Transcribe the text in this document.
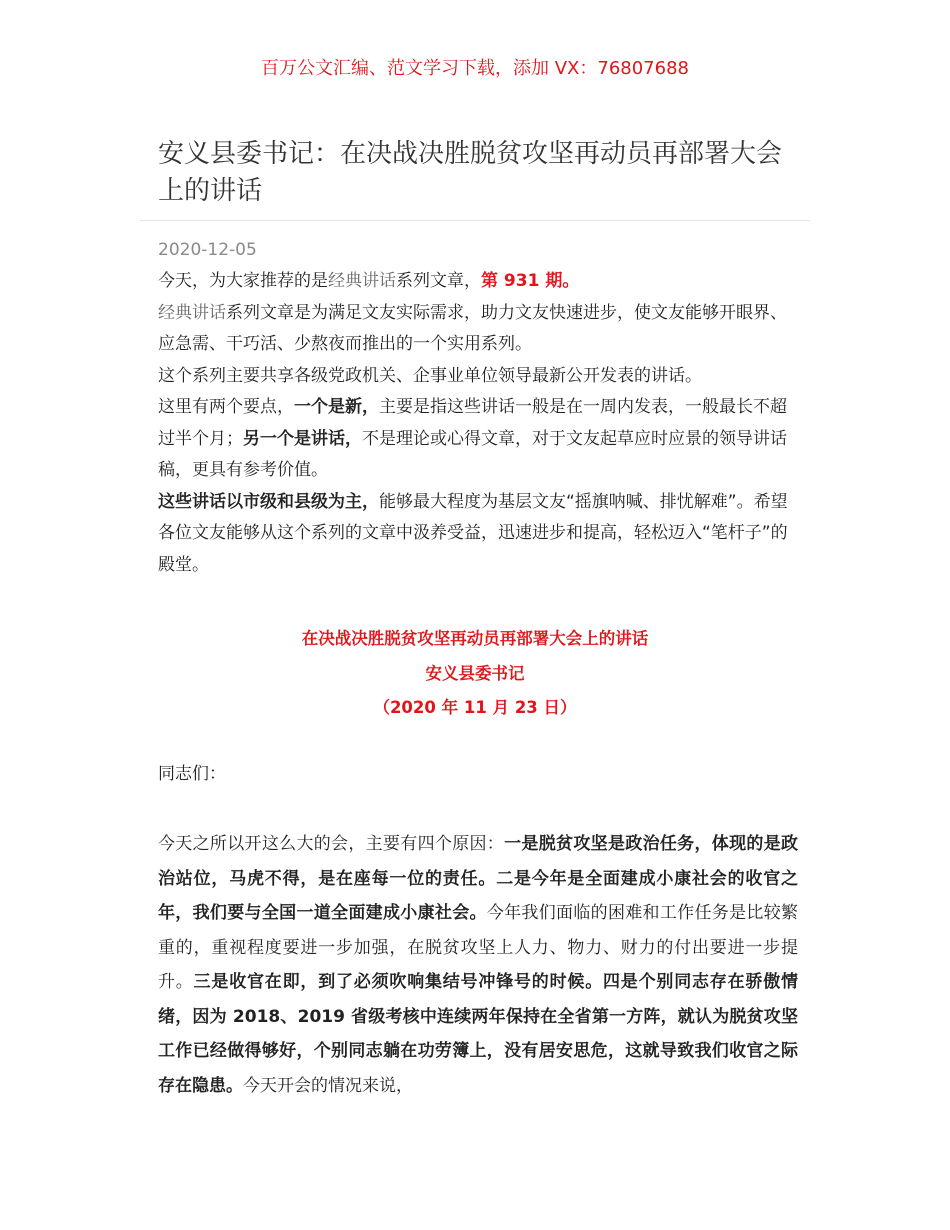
百万公文汇编、范文学习下载，添加 VX：76807688
安义县委书记：在决战决胜脱贫攻坚再动员再部署大会上的讲话
2020-12-05

今天，为大家推荐的是经典讲话系列文章，第 931 期。

经典讲话系列文章是为满足文友实际需求，助力文友快速进步，使文友能够开眼界、应急需、干巧活、少熬夜而推出的一个实用系列。

这个系列主要共享各级党政机关、企事业单位领导最新公开发表的讲话。

这里有两个要点，一个是新，主要是指这些讲话一般是在一周内发表，一般最长不超过半个月；另一个是讲话，不是理论或心得文章，对于文友起草应时应景的领导讲话稿，更具有参考价值。

这些讲话以市级和县级为主，能够最大程度为基层文友“摇旗呐喊、排忧解难”。希望各位文友能够从这个系列的文章中汲养受益，迅速进步和提高，轻松迈入“笔杆子”的殿堂。

在决战决胜脱贫攻坚再动员再部署大会上的讲话
安义县委书记
（2020 年 11 月 23 日）
同志们：

今天之所以开这么大的会，主要有四个原因：一是脱贫攻坚是政治任务，体现的是政治站位，马虎不得，是在座每一位的责任。二是今年是全面建成小康社会的收官之年，我们要与全国一道全面建成小康社会。今年我们面临的困难和工作任务是比较繁重的，重视程度要进一步加强，在脱贫攻坚上人力、物力、财力的付出要进一步提升。三是收官在即，到了必须吹响集结号冲锋号的时候。四是个别同志存在骄傲情绪，因为 2018、2019 省级考核中连续两年保持在全省第一方阵，就认为脱贫攻坚工作已经做得够好，个别同志躺在功劳簿上，没有居安思危，这就导致我们收官之际存在隐患。今天开会的情况来说，
